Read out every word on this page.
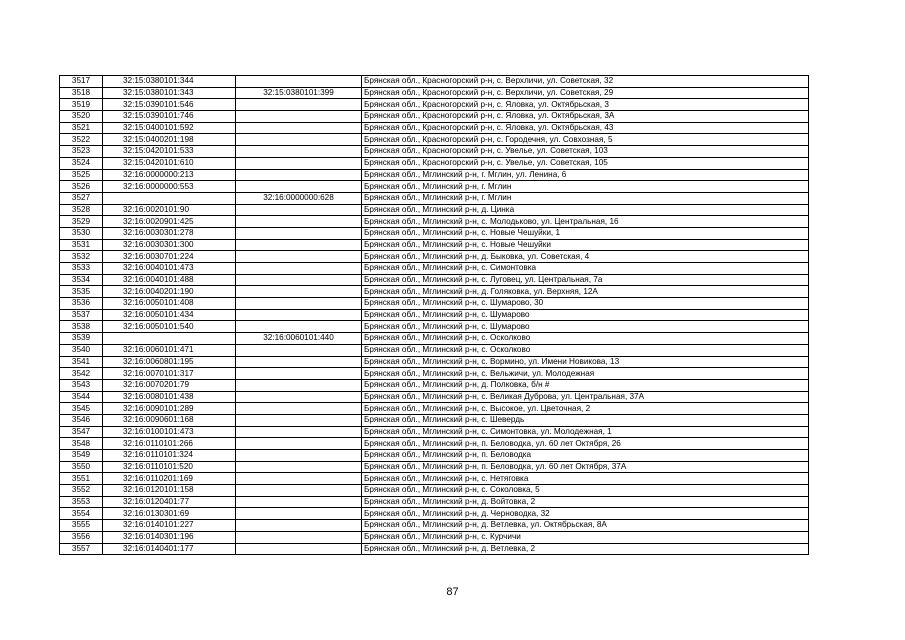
3517	32:15:0380101:344		Брянская обл., Красногорский р-н, с. Верхличи, ул. Советская, 32
3518	32:15:0380101:343	32:15:0380101:399	Брянская обл., Красногорский р-н, с. Верхличи, ул. Советская, 29
3519	32:15:0390101:546		Брянская обл., Красногорский р-н, с. Яловка, ул. Октябрьская, 3
3520	32:15:0390101:746		Брянская обл., Красногорский р-н, с. Яловка, ул. Октябрьская, 3А
3521	32:15:0400101:592		Брянская обл., Красногорский р-н, с. Яловка, ул. Октябрьская, 43
3522	32:15:0400201:198		Брянская обл., Красногорский р-н, с. Городечня, ул. Совхозная, 5
3523	32:15:0420101:533		Брянская обл., Красногорский р-н, с. Увелье, ул. Советская, 103
3524	32:15:0420101:610		Брянская обл., Красногорский р-н, с. Увелье, ул. Советская, 105
3525	32:16:0000000:213		Брянская обл., Мглинский р-н, г. Мглин, ул. Ленина, 6
3526	32:16:0000000:553		Брянская обл., Мглинский р-н, г. Мглин
3527		32:16:0000000:628	Брянская обл., Мглинский р-н, г. Мглин
3528	32:16:0020101:90		Брянская обл., Мглинский р-н, д. Цинка
3529	32:16:0020901:425		Брянская обл., Мглинский р-н, с. Молодьково, ул. Центральная, 16
3530	32:16:0030301:278		Брянская обл., Мглинский р-н, с. Новые Чешуйки, 1
3531	32:16:0030301:300		Брянская обл., Мглинский р-н, с. Новые Чешуйки
3532	32:16:0030701:224		Брянская обл., Мглинский р-н, д. Быковка, ул. Советская, 4
3533	32:16:0040101:473		Брянская обл., Мглинский р-н, с. Симонтовка
3534	32:16:0040101:488		Брянская обл., Мглинский р-н, с. Луговец, ул. Центральная, 7а
3535	32:16:0040201:190		Брянская обл., Мглинский р-н, д. Голяковка, ул. Верхняя, 12А
3536	32:16:0050101:408		Брянская обл., Мглинский р-н, с. Шумарово, 30
3537	32:16:0050101:434		Брянская обл., Мглинский р-н, с. Шумарово
3538	32:16:0050101:540		Брянская обл., Мглинский р-н, с. Шумарово
3539		32:16:0060101:440	Брянская обл., Мглинский р-н, с. Осколково
3540	32:16:0060101:471		Брянская обл., Мглинский р-н, с. Осколково
3541	32:16:0060801:195		Брянская обл., Мглинский р-н, с. Вормино, ул. Имени Новикова, 13
3542	32:16:0070101:317		Брянская обл., Мглинский р-н, с. Вельжичи, ул. Молодежная
3543	32:16:0070201:79		Брянская обл., Мглинский р-н, д. Полковка, б/н #
3544	32:16:0080101:438		Брянская обл., Мглинский р-н, с. Великая Дуброва, ул. Центральная, 37А
3545	32:16:0090101:289		Брянская обл., Мглинский р-н, с. Высокое, ул. Цветочная, 2
3546	32:16:0090601:168		Брянская обл., Мглинский р-н, с. Шевердь
3547	32:16:0100101:473		Брянская обл., Мглинский р-н, с. Симонтовка, ул. Молодежная, 1
3548	32:16:0110101:266		Брянская обл., Мглинский р-н, п. Беловодка, ул. 60 лет Октября, 26
3549	32:16:0110101:324		Брянская обл., Мглинский р-н, п. Беловодка
3550	32:16:0110101:520		Брянская обл., Мглинский р-н, п. Беловодка, ул. 60 лет Октября, 37А
3551	32:16:0110201:169		Брянская обл., Мглинский р-н, с. Нетяговка
3552	32:16:0120101:158		Брянская обл., Мглинский р-н, с. Соколовка, 5
3553	32:16:0120401:77		Брянская обл., Мглинский р-н, д. Войтовка, 2
3554	32:16:0130301:69		Брянская обл., Мглинский р-н, д. Черноводка, 32
3555	32:16:0140101:227		Брянская обл., Мглинский р-н, д. Ветлевка, ул. Октябрьская, 8А
3556	32:16:0140301:196		Брянская обл., Мглинский р-н, с. Курчичи
3557	32:16:0140401:177		Брянская обл., Мглинский р-н, д. Ветлевка, 2
87
